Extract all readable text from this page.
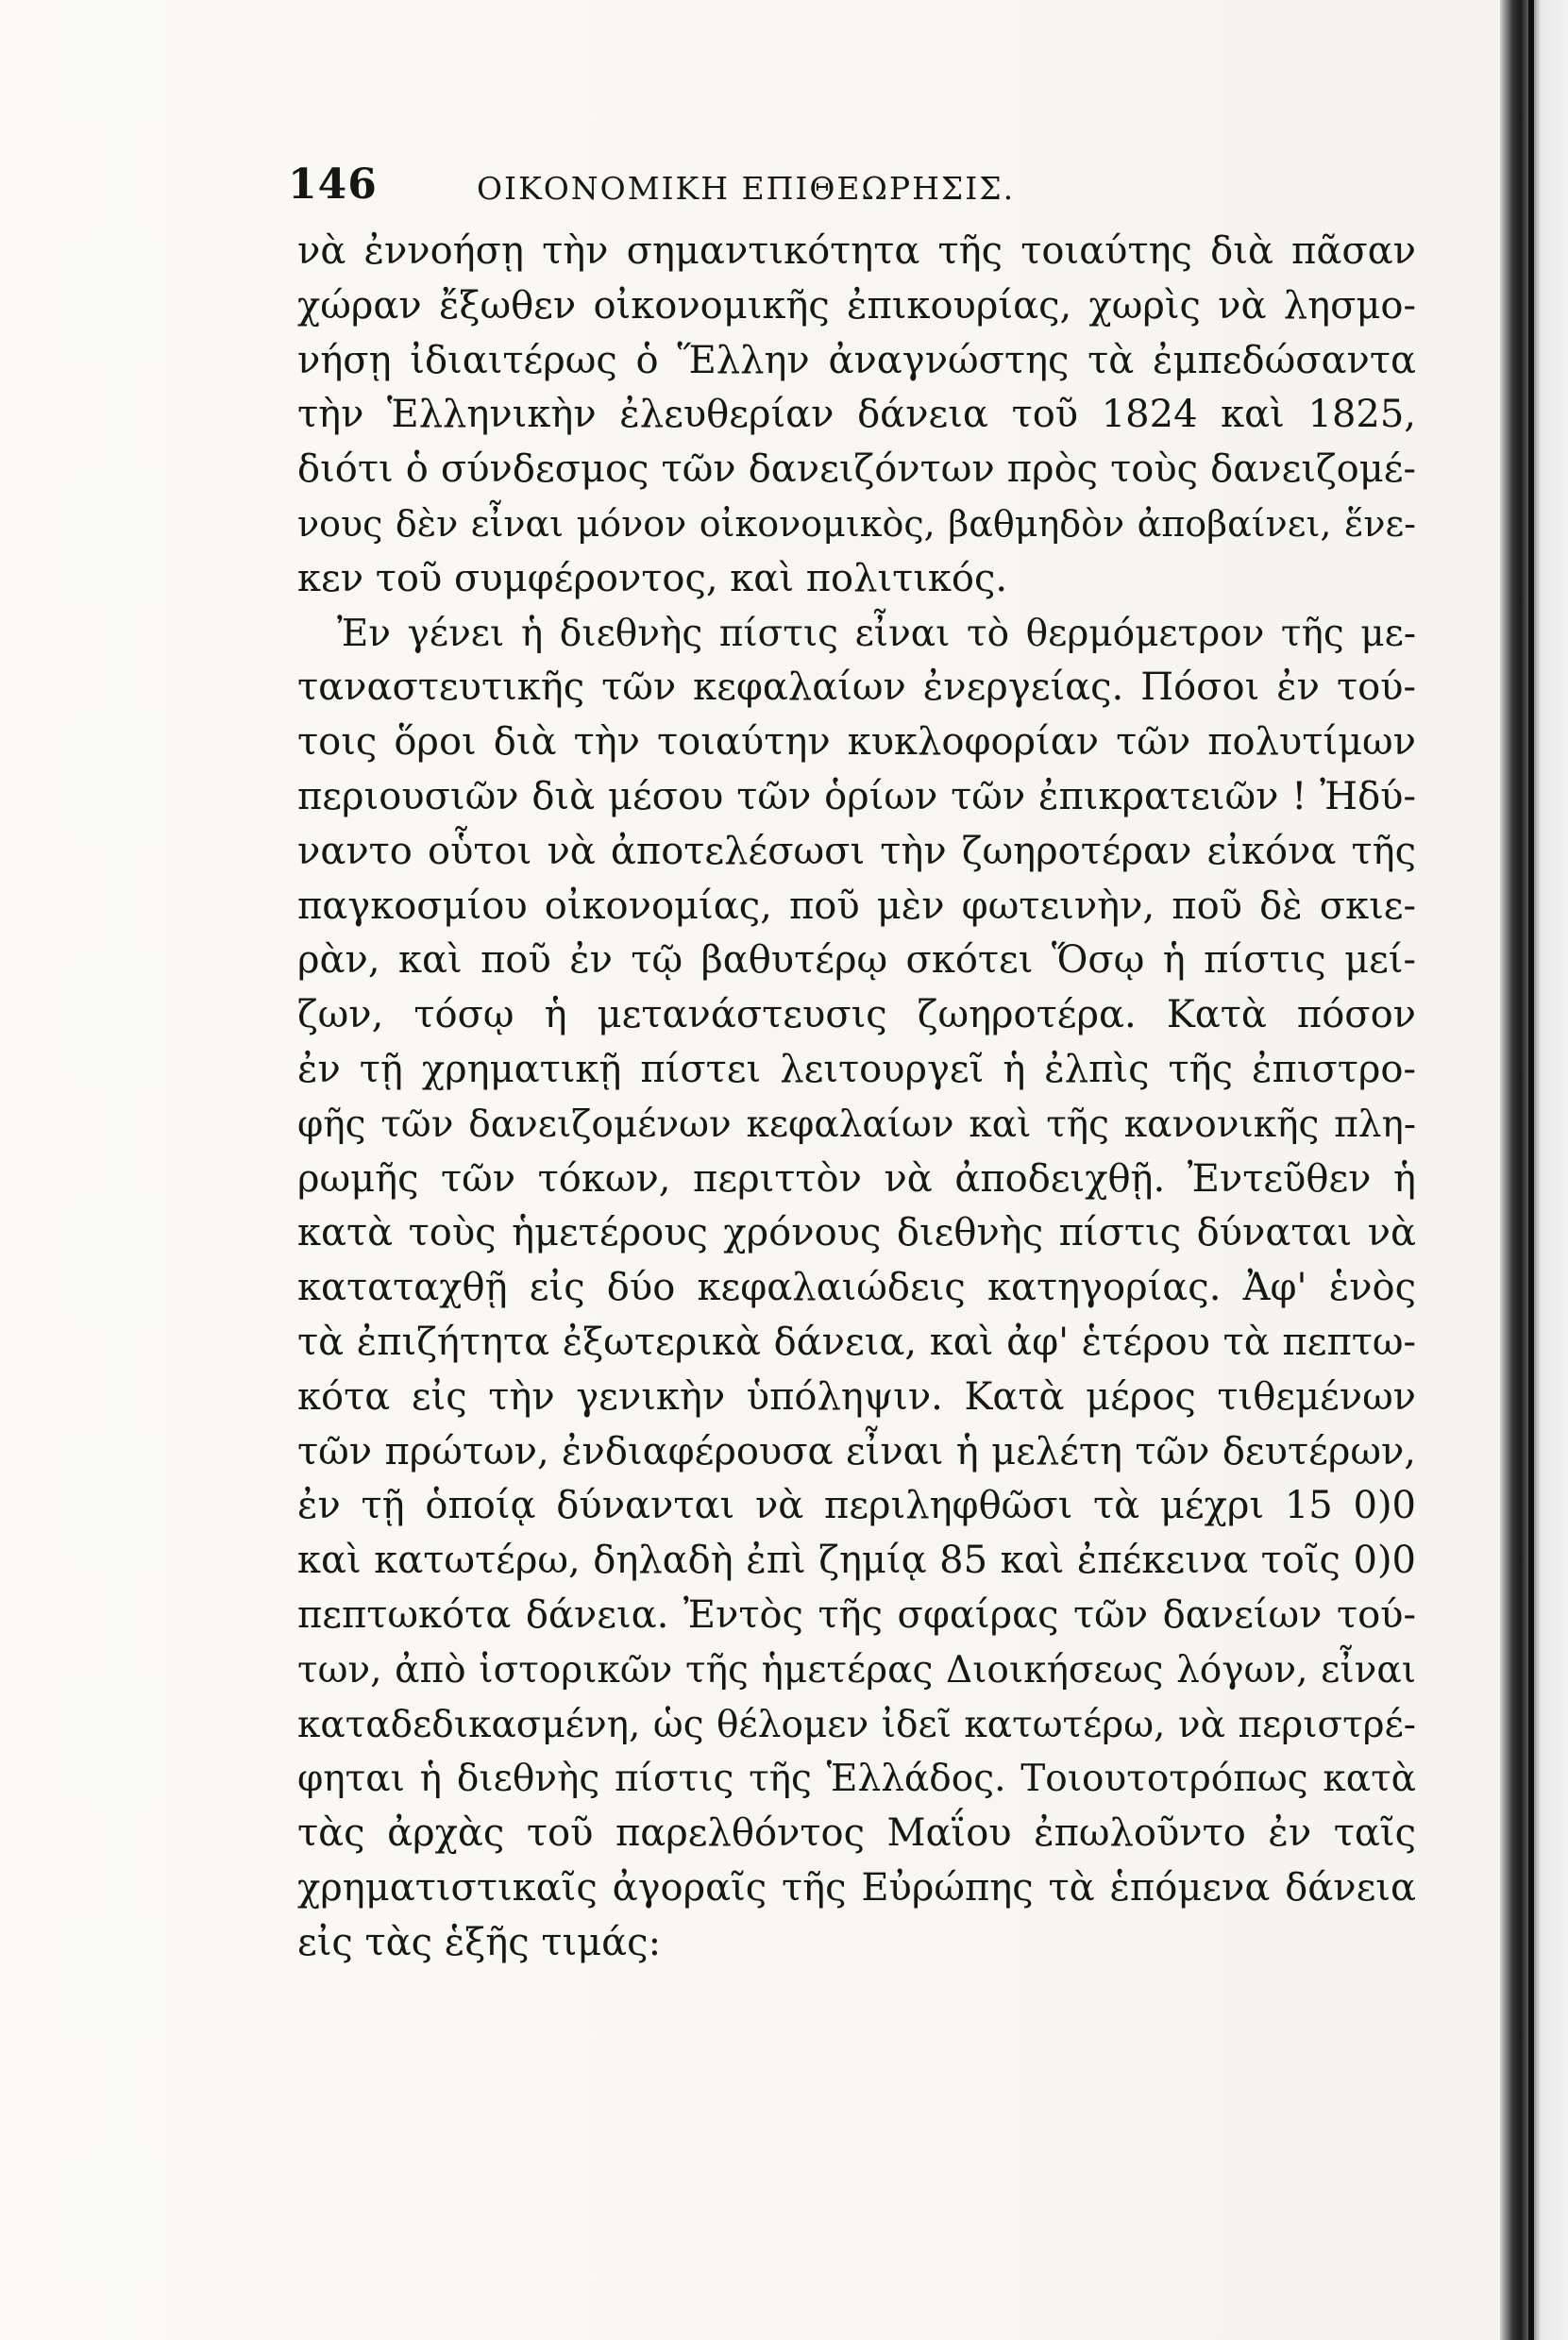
146	ΟΙΚΟΝΟΜΙΚΗ ΕΠΙΘΕΩΡΗΣΙΣ.
νὰ ἐννοήσῃ τὴν σημαντικότητα τῆς τοιαύτης διὰ πᾶσαν
χώραν ἔξωθεν οἰκονομικῆς ἐπικουρίας, χωρὶς νὰ λησμο-
νήσῃ ἰδιαιτέρως ὁ Ἕλλην ἀναγνώστης τὰ ἐμπεδώσαντα
τὴν Ἑλληνικὴν ἐλευθερίαν δάνεια τοῦ 1824 καὶ 1825,
διότι ὁ σύνδεσμος τῶν δανειζόντων πρὸς τοὺς δανειζομέ-
νους δὲν εἶναι μόνον οἰκονομικὸς, βαθμηδὸν ἀποβαίνει, ἕνε-
κεν τοῦ συμφέροντος, καὶ πολιτικός.
Ἐν γένει ἡ διεθνὴς πίστις εἶναι τὸ θερμόμετρον τῆς με-
ταναστευτικῆς τῶν κεφαλαίων ἐνεργείας. Πόσοι ἐν τού-
τοις ὅροι διὰ τὴν τοιαύτην κυκλοφορίαν τῶν πολυτίμων
περιουσιῶν διὰ μέσου τῶν ὁρίων τῶν ἐπικρατειῶν ! Ἠδύ-
ναντο οὗτοι νὰ ἀποτελέσωσι τὴν ζωηροτέραν εἰκόνα τῆς
παγκοσμίου οἰκονομίας, ποῦ μὲν φωτεινὴν, ποῦ δὲ σκιε-
ρὰν, καὶ ποῦ ἐν τῷ βαθυτέρῳ σκότει Ὅσῳ ἡ πίστις μεί-
ζων, τόσῳ ἡ μετανάστευσις ζωηροτέρα. Κατὰ πόσον
ἐν τῇ χρηματικῇ πίστει λειτουργεῖ ἡ ἐλπὶς τῆς ἐπιστρο-
φῆς τῶν δανειζομένων κεφαλαίων καὶ τῆς κανονικῆς πλη-
ρωμῆς τῶν τόκων, περιττὸν νὰ ἀποδειχθῇ. Ἐντεῦθεν ἡ
κατὰ τοὺς ἡμετέρους χρόνους διεθνὴς πίστις δύναται νὰ
καταταχθῇ εἰς δύο κεφαλαιώδεις κατηγορίας. Ἀφ' ἑνὸς
τὰ ἐπιζήτητα ἐξωτερικὰ δάνεια, καὶ ἀφ' ἑτέρου τὰ πεπτω-
κότα εἰς τὴν γενικὴν ὑπόληψιν. Κατὰ μέρος τιθεμένων
τῶν πρώτων, ἐνδιαφέρουσα εἶναι ἡ μελέτη τῶν δευτέρων,
ἐν τῇ ὁποίᾳ δύνανται νὰ περιληφθῶσι τὰ μέχρι 15 0)0
καὶ κατωτέρω, δηλαδὴ ἐπὶ ζημίᾳ 85 καὶ ἐπέκεινα τοῖς 0)0
πεπτωκότα δάνεια. Ἐντὸς τῆς σφαίρας τῶν δανείων τού-
των, ἀπὸ ἱστορικῶν τῆς ἡμετέρας Διοικήσεως λόγων, εἶναι
καταδεδικασμένη, ὡς θέλομεν ἰδεῖ κατωτέρω, νὰ περιστρέ-
φηται ἡ διεθνὴς πίστις τῆς Ἑλλάδος. Τοιουτοτρόπως κατὰ
τὰς ἀρχὰς τοῦ παρελθόντος Μαΐου ἐπωλοῦντο ἐν ταῖς
χρηματιστικαῖς ἀγοραῖς τῆς Εὐρώπης τὰ ἑπόμενα δάνεια
εἰς τὰς ἑξῆς τιμάς:
